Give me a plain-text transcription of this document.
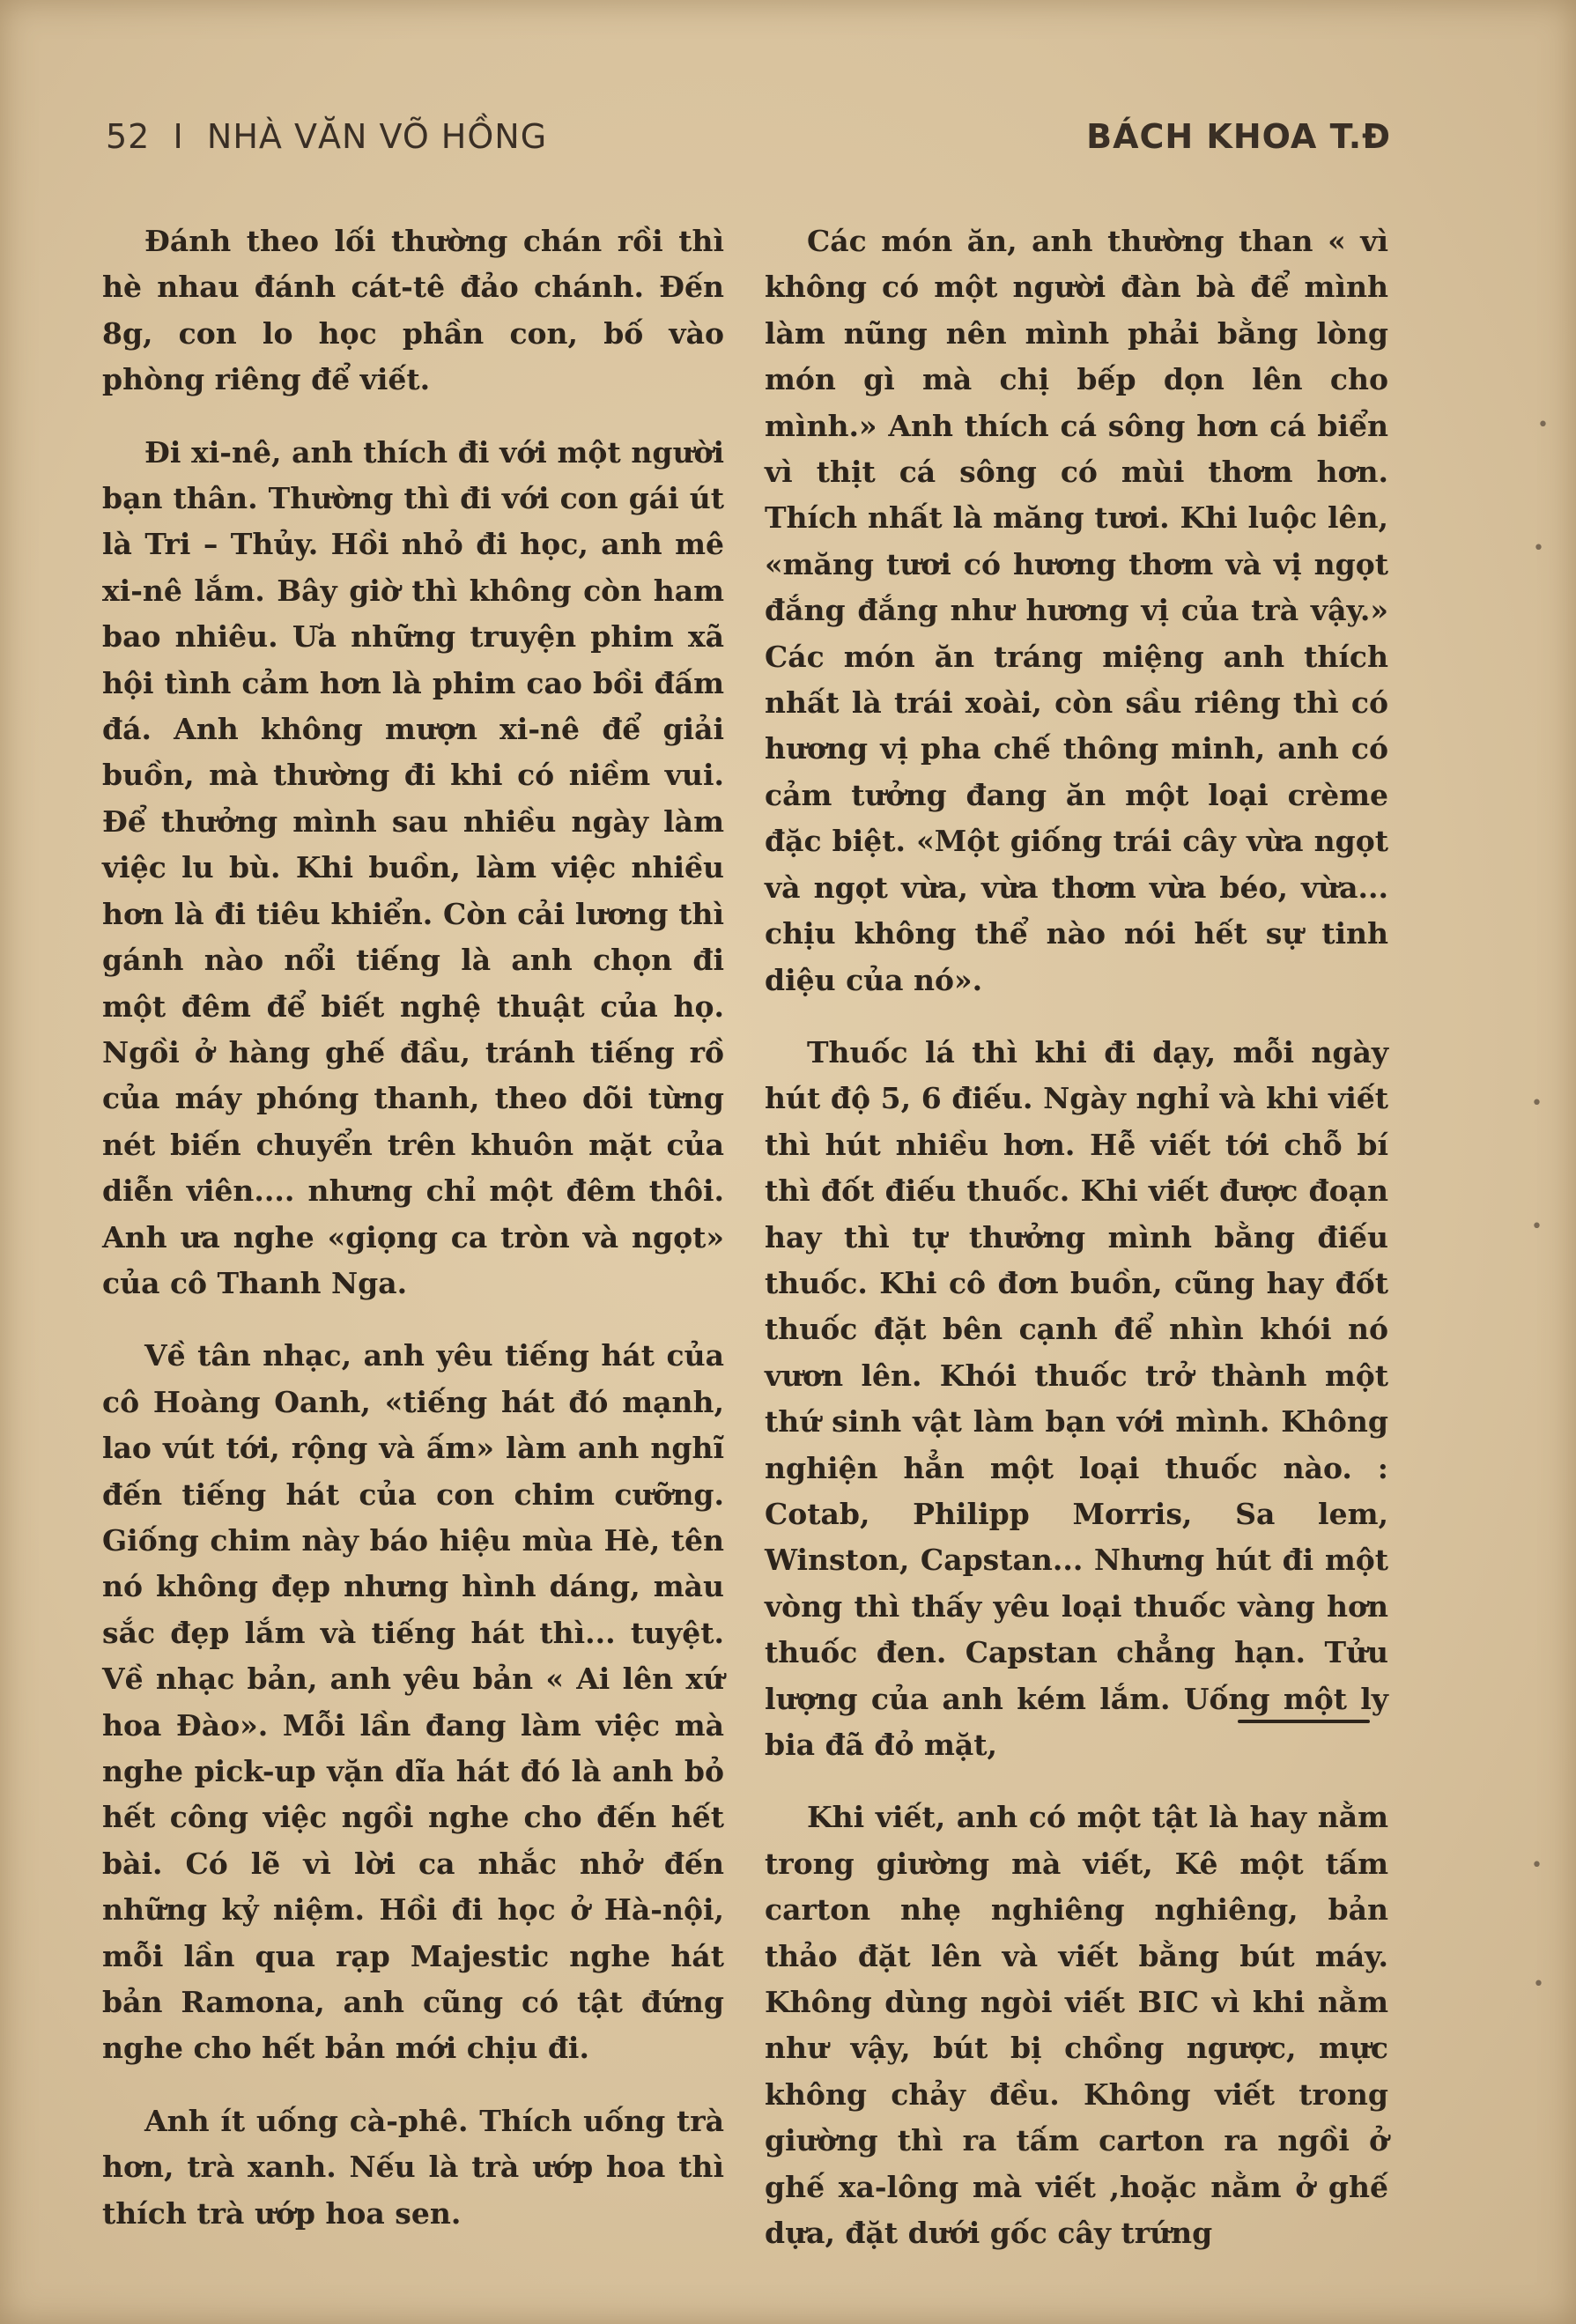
52 I NHÀ VĂN VÕ HỒNG	BÁCH KHOA T.Đ

Đánh theo lối thường chán rồi thì hè nhau đánh cát-tê đảo chánh. Đến 8g, con lo học phần con, bố vào phòng riêng để viết.

Đi xi-nê, anh thích đi với một người bạn thân. Thường thì đi với con gái út là Tri – Thủy. Hồi nhỏ đi học, anh mê xi-nê lắm. Bây giờ thì không còn ham bao nhiêu. Ưa những truyện phim xã hội tình cảm hơn là phim cao bồi đấm đá. Anh không mượn xi-nê để giải buồn, mà thường đi khi có niềm vui. Để thưởng mình sau nhiều ngày làm việc lu bù. Khi buồn, làm việc nhiều hơn là đi tiêu khiển. Còn cải lương thì gánh nào nổi tiếng là anh chọn đi một đêm để biết nghệ thuật của họ. Ngồi ở hàng ghế đầu, tránh tiếng rồ của máy phóng thanh, theo dõi từng nét biến chuyển trên khuôn mặt của diễn viên.... nhưng chỉ một đêm thôi. Anh ưa nghe «giọng ca tròn và ngọt» của cô Thanh Nga.

Về tân nhạc, anh yêu tiếng hát của cô Hoàng Oanh, «tiếng hát đó mạnh, lao vút tới, rộng và ấm» làm anh nghĩ đến tiếng hát của con chim cưỡng. Giống chim này báo hiệu mùa Hè, tên nó không đẹp nhưng hình dáng, màu sắc đẹp lắm và tiếng hát thì... tuyệt. Về nhạc bản, anh yêu bản « Ai lên xứ hoa Đào». Mỗi lần đang làm việc mà nghe pick-up vặn dĩa hát đó là anh bỏ hết công việc ngồi nghe cho đến hết bài. Có lẽ vì lời ca nhắc nhở đến những kỷ niệm. Hồi đi học ở Hà-nội, mỗi lần qua rạp Majestic nghe hát bản Ramona, anh cũng có tật đứng nghe cho hết bản mới chịu đi.

Anh ít uống cà-phê. Thích uống trà hơn, trà xanh. Nếu là trà ướp hoa thì thích trà ướp hoa sen.

Các món ăn, anh thường than « vì không có một người đàn bà để mình làm nũng nên mình phải bằng lòng món gì mà chị bếp dọn lên cho mình.» Anh thích cá sông hơn cá biển vì thịt cá sông có mùi thơm hơn. Thích nhất là măng tươi. Khi luộc lên, «măng tươi có hương thơm và vị ngọt đắng đắng như hương vị của trà vậy.» Các món ăn tráng miệng anh thích nhất là trái xoài, còn sầu riêng thì có hương vị pha chế thông minh, anh có cảm tưởng đang ăn một loại crème đặc biệt. «Một giống trái cây vừa ngọt và ngọt vừa, vừa thơm vừa béo, vừa... chịu không thể nào nói hết sự tinh diệu của nó».

Thuốc lá thì khi đi dạy, mỗi ngày hút độ 5, 6 điếu. Ngày nghỉ và khi viết thì hút nhiều hơn. Hễ viết tới chỗ bí thì đốt điếu thuốc. Khi viết được đoạn hay thì tự thưởng mình bằng điếu thuốc. Khi cô đơn buồn, cũng hay đốt thuốc đặt bên cạnh để nhìn khói nó vươn lên. Khói thuốc trở thành một thứ sinh vật làm bạn với mình. Không nghiện hẳn một loại thuốc nào. : Cotab, Philipp Morris, Sa lem, Winston, Capstan... Nhưng hút đi một vòng thì thấy yêu loại thuốc vàng hơn thuốc đen. Capstan chẳng hạn. Tửu lượng của anh kém lắm. Uống một ly bia đã đỏ mặt,

Khi viết, anh có một tật là hay nằm trong giường mà viết, Kê một tấm carton nhẹ nghiêng nghiêng, bản thảo đặt lên và viết bằng bút máy. Không dùng ngòi viết BIC vì khi nằm như vậy, bút bị chồng ngược, mực không chảy đều. Không viết trong giường thì ra tấm carton ra ngồi ở ghế xa-lông mà viết ,hoặc nằm ở ghế dựa, đặt dưới gốc cây trứng

•
•
•
•
•
•
